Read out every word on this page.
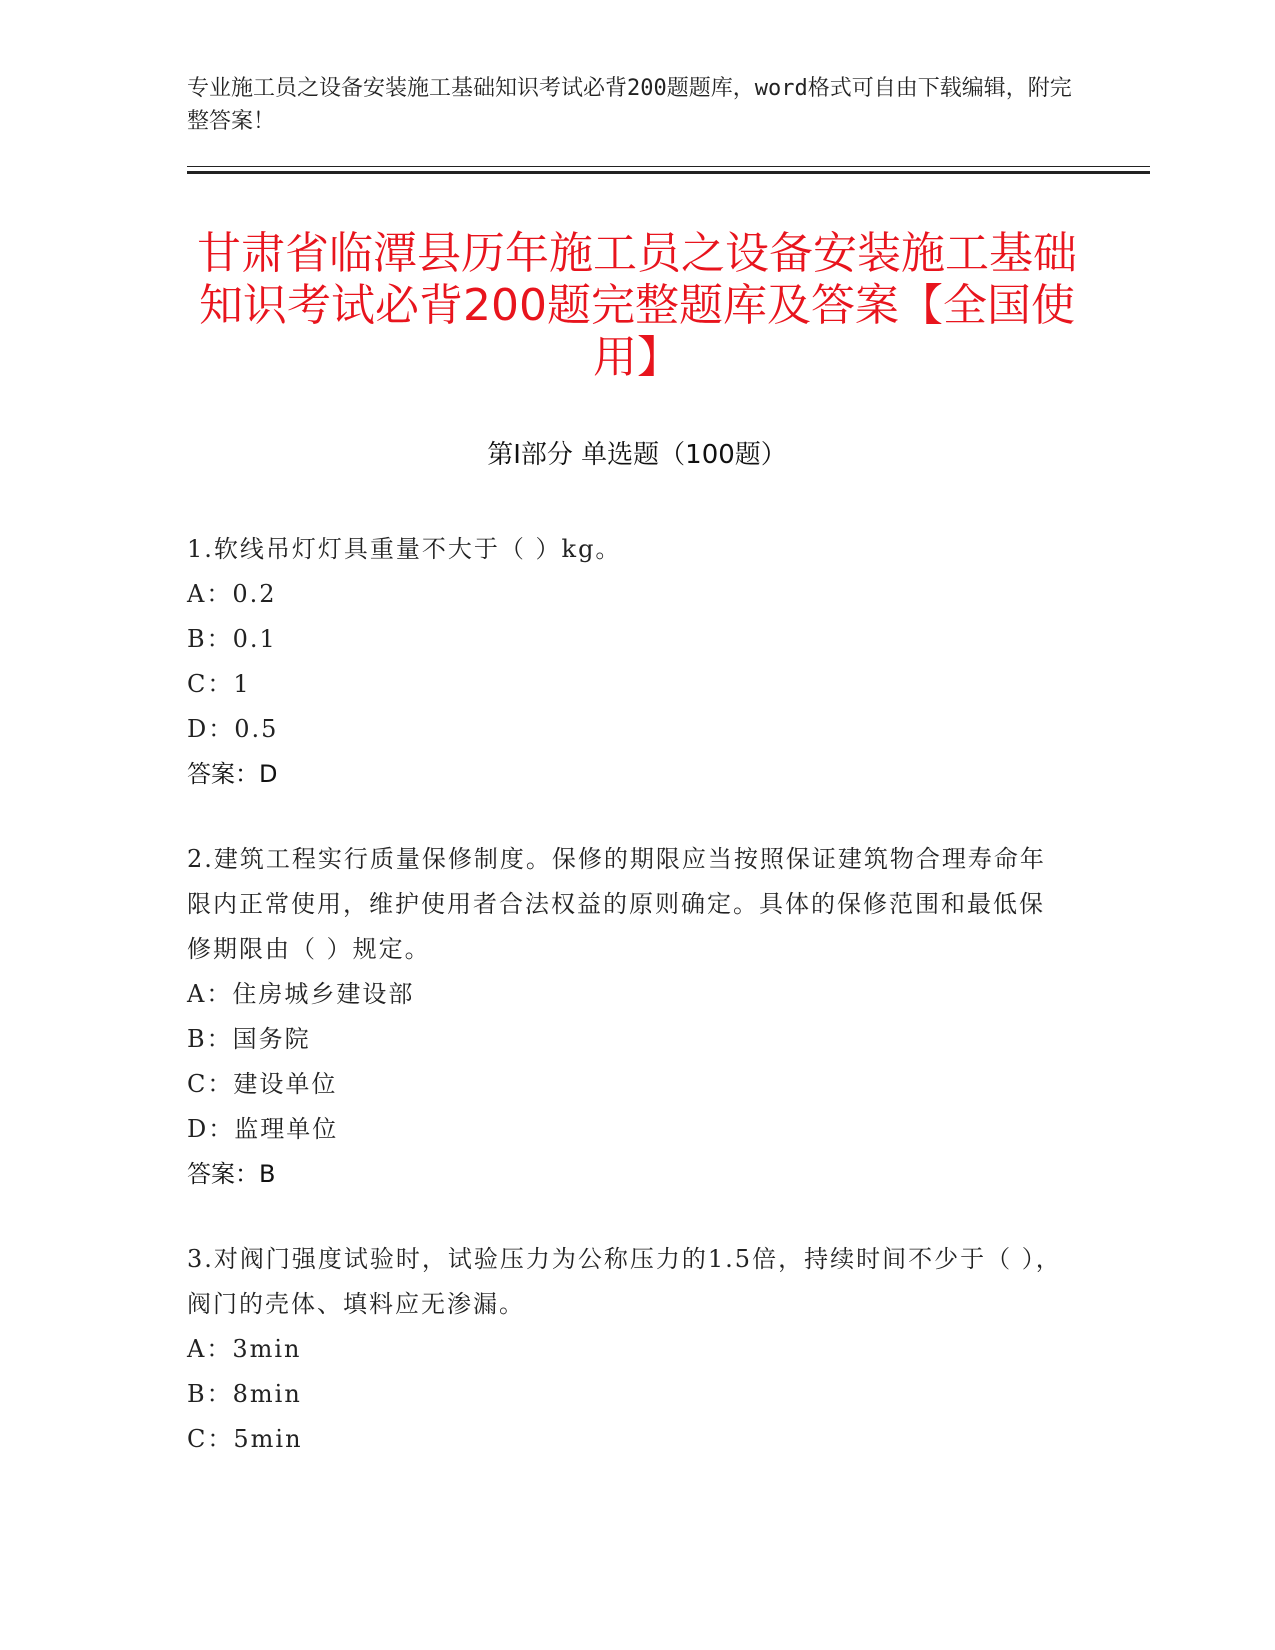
专业施工员之设备安装施工基础知识考试必背200题题库，word格式可自由下载编辑，附完整答案！
甘肃省临潭县历年施工员之设备安装施工基础知识考试必背200题完整题库及答案【全国使用】
第Ⅰ部分 单选题（100题）
1.软线吊灯灯具重量不大于（ ）kg。
A：0.2
B：0.1
C：1
D：0.5
答案：D
2.建筑工程实行质量保修制度。保修的期限应当按照保证建筑物合理寿命年限内正常使用，维护使用者合法权益的原则确定。具体的保修范围和最低保修期限由（ ）规定。
A：住房城乡建设部
B：国务院
C：建设单位
D：监理单位
答案：B
3.对阀门强度试验时，试验压力为公称压力的1.5倍，持续时间不少于（ ），阀门的壳体、填料应无渗漏。
A：3min
B：8min
C：5min
